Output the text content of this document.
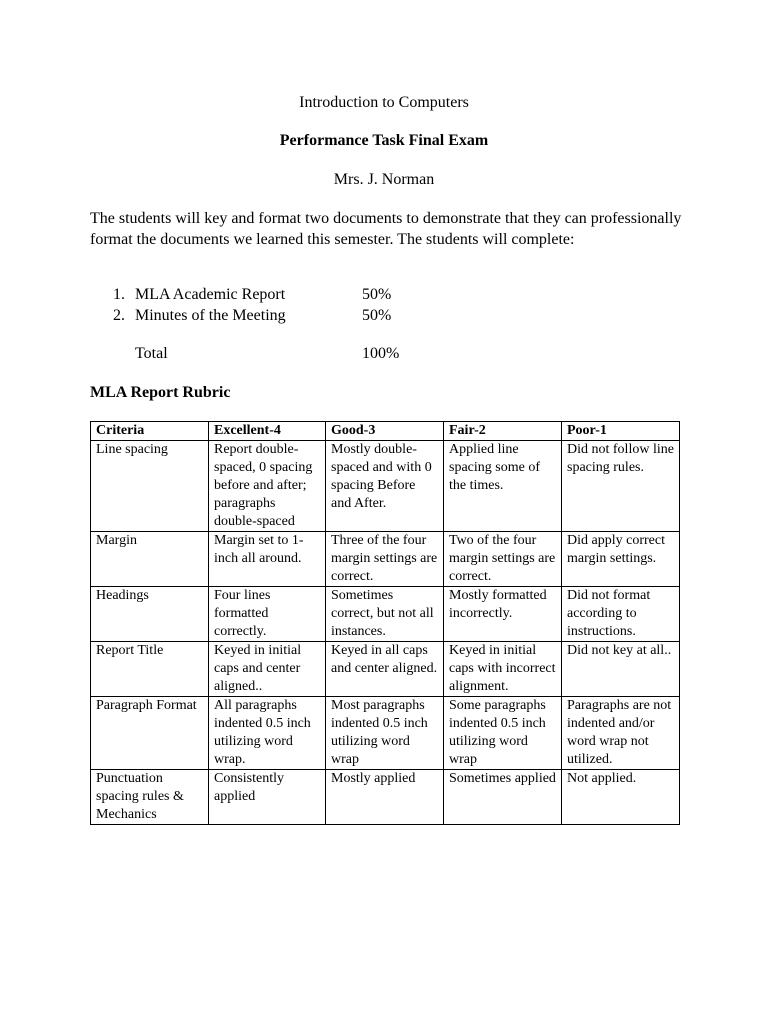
Introduction to Computers
Performance Task Final Exam
Mrs. J. Norman

The students will key and format two documents to demonstrate that they can professionally format the documents we learned this semester. The students will complete:

1. MLA Academic Report	50%
2. Minutes of the Meeting	50%
Total	100%
MLA Report Rubric
Criteria	Excellent-4	Good-3	Fair-2	Poor-1
Line spacing	Report double-spaced, 0 spacing before and after; paragraphs double-spaced	Mostly double-spaced and with 0 spacing Before and After.	Applied line spacing some of the times.	Did not follow line spacing rules.
Margin	Margin set to 1-inch all around.	Three of the four margin settings are correct.	Two of the four margin settings are correct.	Did apply correct margin settings.
Headings	Four lines formatted correctly.	Sometimes correct, but not all instances.	Mostly formatted incorrectly.	Did not format according to instructions.
Report Title	Keyed in initial caps and center aligned..	Keyed in all caps and center aligned.	Keyed in initial caps with incorrect alignment.	Did not key at all..
Paragraph Format	All paragraphs indented 0.5 inch utilizing word wrap.	Most paragraphs indented 0.5 inch utilizing word wrap	Some paragraphs indented 0.5 inch utilizing word wrap	Paragraphs are not indented and/or word wrap not utilized.
Punctuation spacing rules & Mechanics	Consistently applied	Mostly applied	Sometimes applied	Not applied.
